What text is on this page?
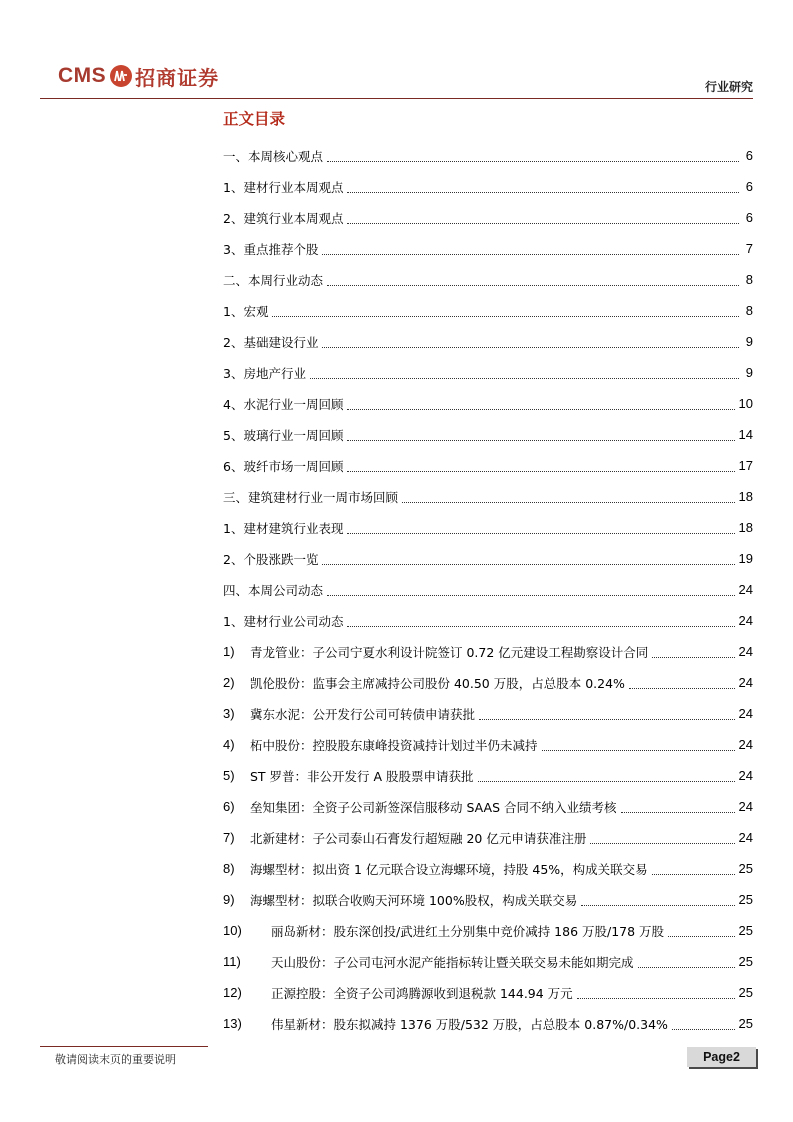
CMS 招商证券	行业研究
正文目录
一、本周核心观点	6
1、建材行业本周观点	6
2、建筑行业本周观点	6
3、重点推荐个股	7
二、本周行业动态	8
1、宏观	8
2、基础建设行业	9
3、房地产行业	9
4、水泥行业一周回顾	10
5、玻璃行业一周回顾	14
6、玻纤市场一周回顾	17
三、建筑建材行业一周市场回顾	18
1、建材建筑行业表现	18
2、个股涨跌一览	19
四、本周公司动态	24
1、建材行业公司动态	24
1)	青龙管业：子公司宁夏水利设计院签订 0.72 亿元建设工程勘察设计合同	24
2)	凯伦股份：监事会主席减持公司股份 40.50 万股，占总股本 0.24%	24
3)	冀东水泥：公开发行公司可转债申请获批	24
4)	柘中股份：控股股东康峰投资减持计划过半仍未减持	24
5)	ST 罗普：非公开发行 A 股股票申请获批	24
6)	垒知集团：全资子公司新签深信服移动 SAAS 合同不纳入业绩考核	24
7)	北新建材：子公司泰山石膏发行超短融 20 亿元申请获准注册	24
8)	海螺型材：拟出资 1 亿元联合设立海螺环境，持股 45%，构成关联交易	25
9)	海螺型材：拟联合收购天河环境 100%股权，构成关联交易	25
10)	丽岛新材：股东深创投/武进红土分别集中竞价减持 186 万股/178 万股	25
11)	天山股份：子公司屯河水泥产能指标转让暨关联交易未能如期完成	25
12)	正源控股：全资子公司鸿腾源收到退税款 144.94 万元	25
13)	伟星新材：股东拟减持 1376 万股/532 万股，占总股本 0.87%/0.34%	25
敬请阅读末页的重要说明	Page2
